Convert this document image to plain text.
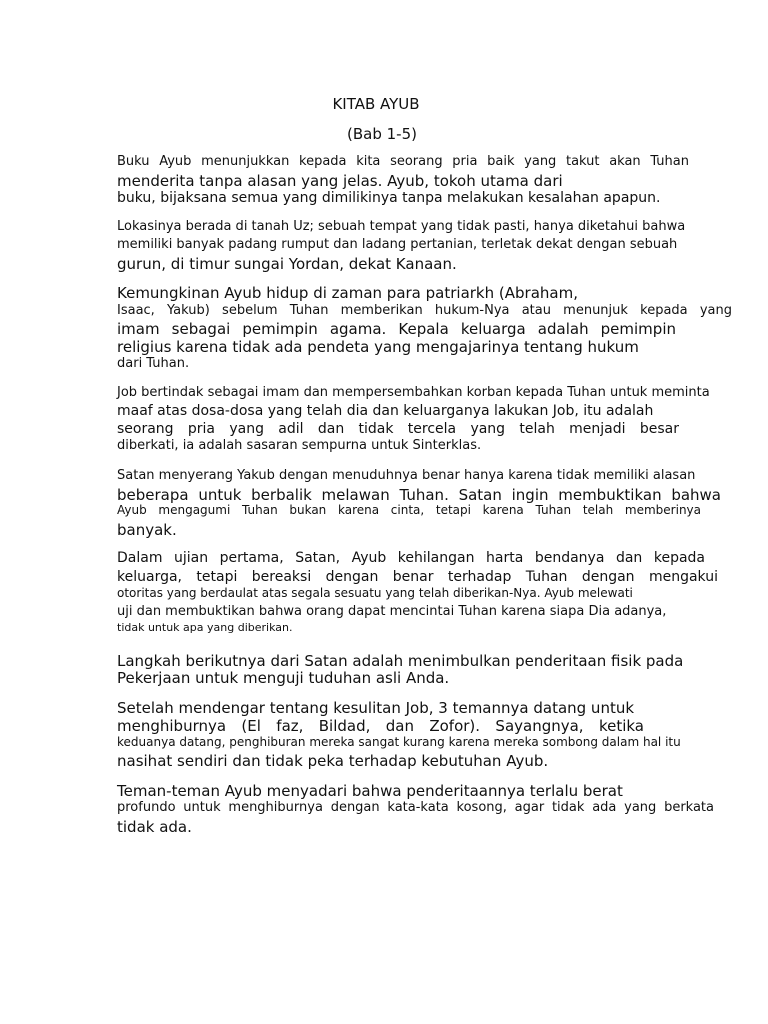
KITAB AYUB
(Bab 1-5)
Buku Ayub menunjukkan kepada kita seorang pria baik yang takut akan Tuhan
menderita tanpa alasan yang jelas. Ayub, tokoh utama dari
buku, bijaksana semua yang dimilikinya tanpa melakukan kesalahan apapun.
Lokasinya berada di tanah Uz; sebuah tempat yang tidak pasti, hanya diketahui bahwa
memiliki banyak padang rumput dan ladang pertanian, terletak dekat dengan sebuah
gurun, di timur sungai Yordan, dekat Kanaan.
Kemungkinan Ayub hidup di zaman para patriarkh (Abraham,
Isaac, Yakub) sebelum Tuhan memberikan hukum-Nya atau menunjuk kepada yang
imam sebagai pemimpin agama. Kepala keluarga adalah pemimpin
religius karena tidak ada pendeta yang mengajarinya tentang hukum
dari Tuhan.
Job bertindak sebagai imam dan mempersembahkan korban kepada Tuhan untuk meminta
maaf atas dosa-dosa yang telah dia dan keluarganya lakukan Job, itu adalah
seorang pria yang adil dan tidak tercela yang telah menjadi besar
diberkati, ia adalah sasaran sempurna untuk Sinterklas.
Satan menyerang Yakub dengan menuduhnya benar hanya karena tidak memiliki alasan
beberapa untuk berbalik melawan Tuhan. Satan ingin membuktikan bahwa
Ayub mengagumi Tuhan bukan karena cinta, tetapi karena Tuhan telah memberinya
banyak.
Dalam ujian pertama, Satan, Ayub kehilangan harta bendanya dan kepada
keluarga, tetapi bereaksi dengan benar terhadap Tuhan dengan mengakui
otoritas yang berdaulat atas segala sesuatu yang telah diberikan-Nya. Ayub melewati
uji dan membuktikan bahwa orang dapat mencintai Tuhan karena siapa Dia adanya,
tidak untuk apa yang diberikan.
Langkah berikutnya dari Satan adalah menimbulkan penderitaan fisik pada
Pekerjaan untuk menguji tuduhan asli Anda.
Setelah mendengar tentang kesulitan Job, 3 temannya datang untuk
menghiburnya (El faz, Bildad, dan Zofor). Sayangnya, ketika
keduanya datang, penghiburan mereka sangat kurang karena mereka sombong dalam hal itu
nasihat sendiri dan tidak peka terhadap kebutuhan Ayub.
Teman-teman Ayub menyadari bahwa penderitaannya terlalu berat
profundo untuk menghiburnya dengan kata-kata kosong, agar tidak ada yang berkata
tidak ada.
